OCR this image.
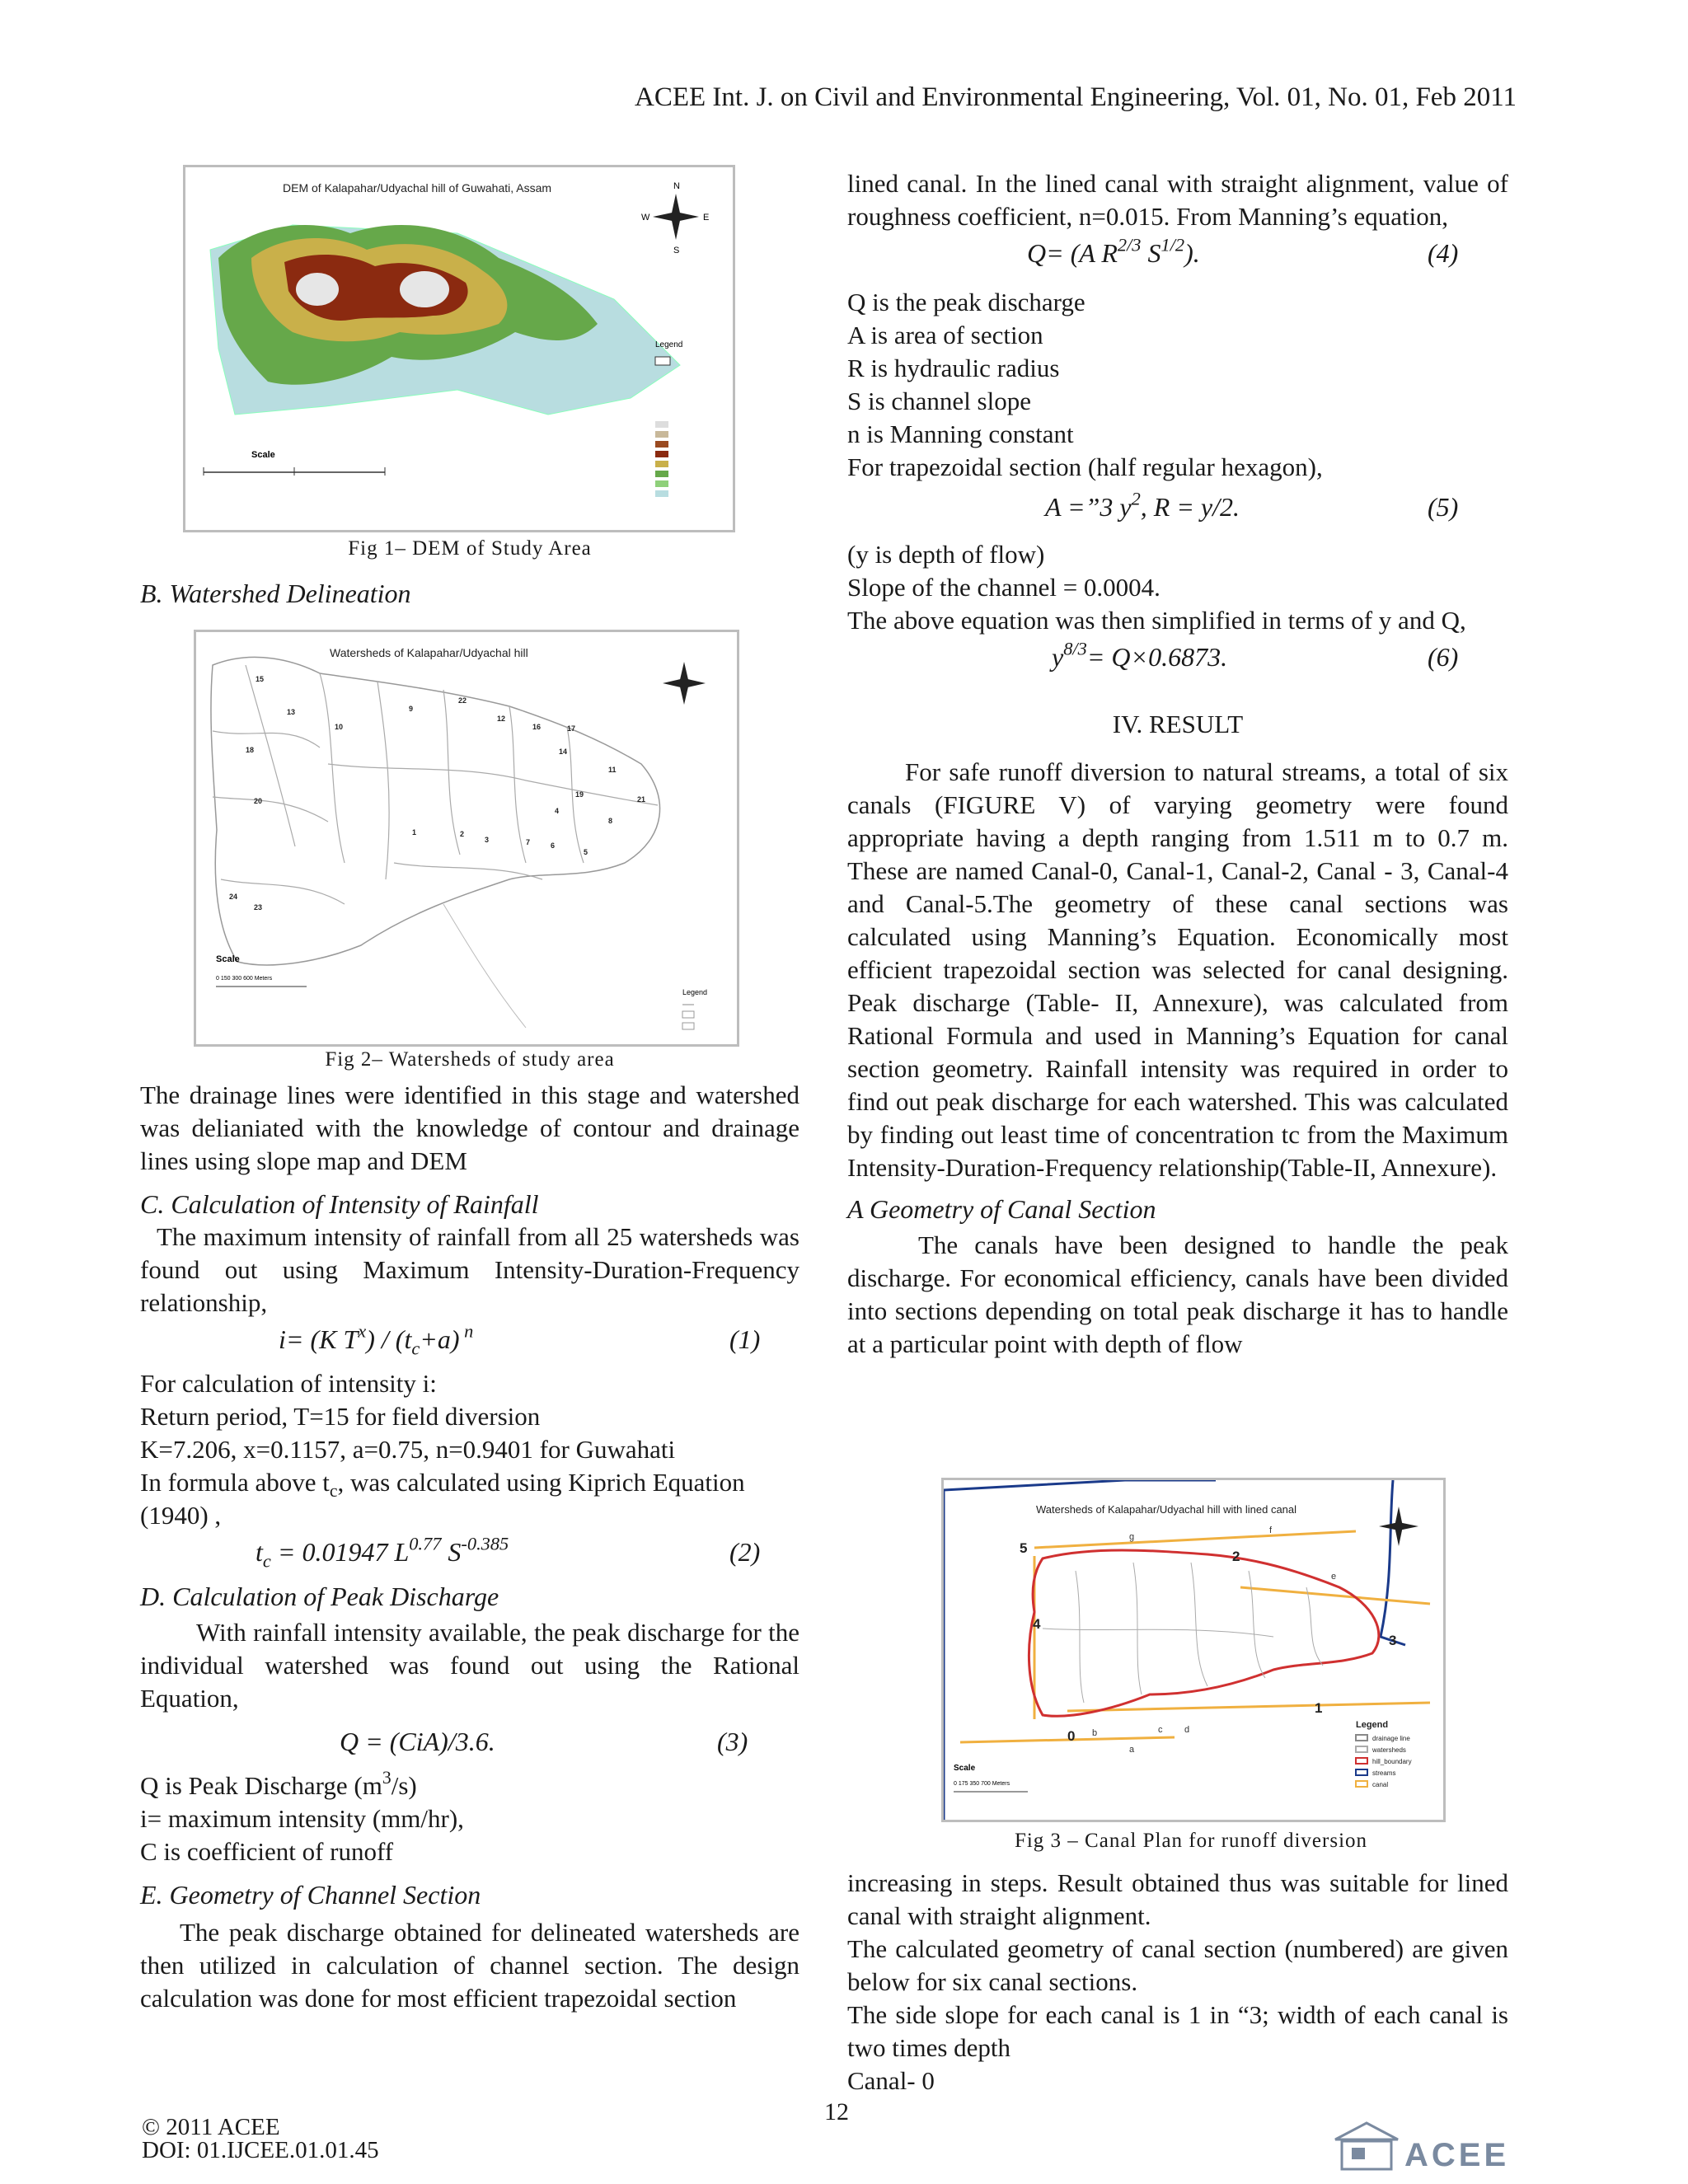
ACEE Int. J. on Civil and Environmental Engineering, Vol. 01, No. 01, Feb 2011
DEM of Kalapahar/Udyachal hill of Guwahati, Assam	N
W	E
S
Legend
Scale
Fig 1– DEM of Study Area

B. Watershed Delineation

Watersheds of Kalapahar/Udyachal hill
15
13
10
9
22
12
16	17
14
18
11
20
19
4
21
8
1	2
3	7	6
5
24
23
Scale
0 150 300 600 Meters
Legend
Fig 2– Watersheds of study area

The drainage lines were identified in this stage and watershed was delianiated with the knowledge of contour and drainage lines using slope map and DEM

C. Calculation of Intensity of Rainfall

The maximum intensity of rainfall from all 25 watersheds was found out using Maximum Intensity-Duration-Frequency relationship,

i= (K $T^x) / (t_c+a)$ $^n$	(1)

For calculation of intensity i:

Return period, T=15 for field diversion

K=7.206, x=0.1157, a=0.75, n=0.9401 for Guwahati

In formula above $t_c$, was calculated using Kiprich Equation

(1940) ,

$t_c = 0.01947$ $L^{0.77}$ $S^{-0.385}$	(2)

D. Calculation of Peak Discharge

With rainfall intensity available, the peak discharge for the individual watershed was found out using the Rational Equation,

Q = (CiA)/3.6.	(3)

Q is Peak Discharge $(m^3/s)$

i= maximum intensity (mm/hr),

C is coefficient of runoff

E. Geometry of Channel Section

The peak discharge obtained for delineated watersheds are then utilized in calculation of channel section. The design calculation was done for most efficient trapezoidal section

lined canal. In the lined canal with straight alignment, value of roughness coefficient, n=0.015. From Manning’s equation,

Q= (A $R^{2/3}$ $S^{1/2}$).	(4)

Q is the peak discharge

A is area of section

R is hydraulic radius

S is channel slope

n is Manning constant

For trapezoidal section (half regular hexagon),

A =”3 $y^2$, R = y/2.	(5)

(y is depth of flow)

Slope of the channel = 0.0004.

The above equation was then simplified in terms of y and Q,

$y^{8/3}= Q\times 0.6873$.	(6)

IV. RESULT

For safe runoff diversion to natural streams, a total of six canals (FIGURE V) of varying geometry were found appropriate having a depth ranging from 1.511 m to 0.7 m. These are named Canal-0, Canal-1, Canal-2, Canal - 3, Canal-4 and Canal-5.The geometry of these canal sections was calculated using Manning’s Equation. Economically most efficient trapezoidal section was selected for canal designing. Peak discharge (Table- II, Annexure), was calculated from Rational Formula and used in Manning’s Equation for canal section geometry. Rainfall intensity was required in order to find out peak discharge for each watershed. This was calculated by finding out least time of concentration tc from the Maximum Intensity-Duration-Frequency relationship(Table-II, Annexure).

A Geometry of Canal Section

The canals have been designed to handle the peak discharge. For economical efficiency, canals have been divided into sections depending on total peak discharge it has to handle at a particular point with depth of flow

Watersheds of Kalapahar/Udyachal hill with lined canal
5
2
4
3
1
0
g
f
e
d
c
b
a
Scale
0 175 350 700 Meters
Legend
drainage line
watersheds
hill_boundary
streams
canal
Fig 3 – Canal Plan for runoff diversion

increasing in steps. Result obtained thus was suitable for lined canal with straight alignment.

The calculated geometry of canal section (numbered) are given below for six canal sections.

The side slope for each canal is 1 in “3; width of each canal is two times depth

Canal- 0

12
© 2011 ACEE
DOI: 01.IJCEE.01.01.45	ACEE
